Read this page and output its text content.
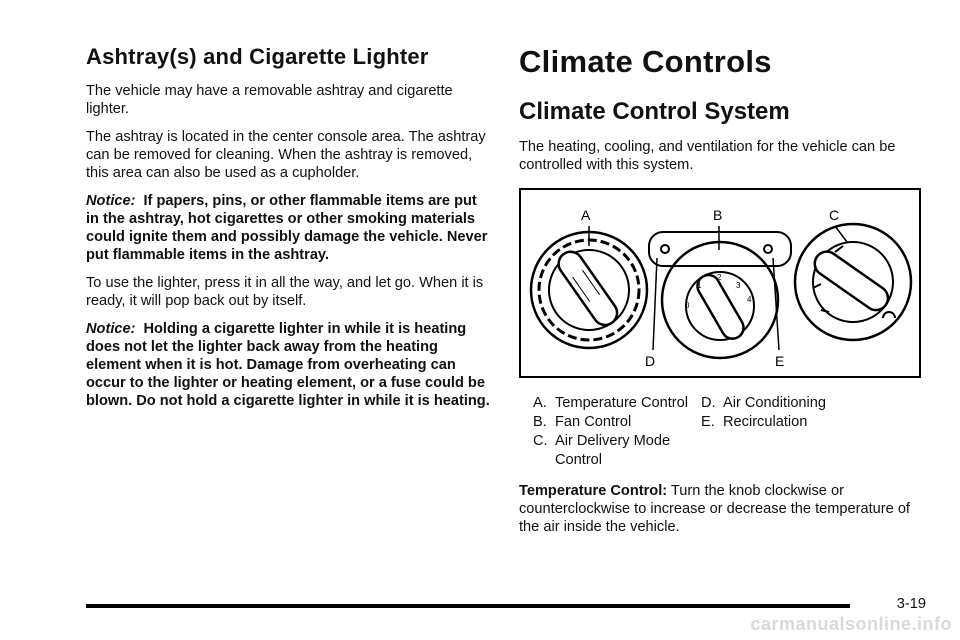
Ashtray(s) and Cigarette Lighter

The vehicle may have a removable ashtray and cigarette lighter.

The ashtray is located in the center console area. The ashtray can be removed for cleaning. When the ashtray is removed, this area can also be used as a cupholder.

Notice: If papers, pins, or other flammable items are put in the ashtray, hot cigarettes or other smoking materials could ignite them and possibly damage the vehicle. Never put flammable items in the ashtray.

To use the lighter, press it in all the way, and let go. When it is ready, it will pop back out by itself.

Notice: Holding a cigarette lighter in while it is heating does not let the lighter back away from the heating element when it is hot. Damage from overheating can occur to the lighter or heating element, or a fuse could be blown. Do not hold a cigarette lighter in while it is heating.

Climate Controls
Climate Control System

The heating, cooling, and ventilation for the vehicle can be controlled with this system.

A	B	C
D	E
0
1
2
3
4
A. Temperature Control
B. Fan Control
C. Air Delivery Mode Control
D. Air Conditioning
E. Recirculation

Temperature Control: Turn the knob clockwise or counterclockwise to increase or decrease the temperature of the air inside the vehicle.

3-19
carmanualsonline.info
